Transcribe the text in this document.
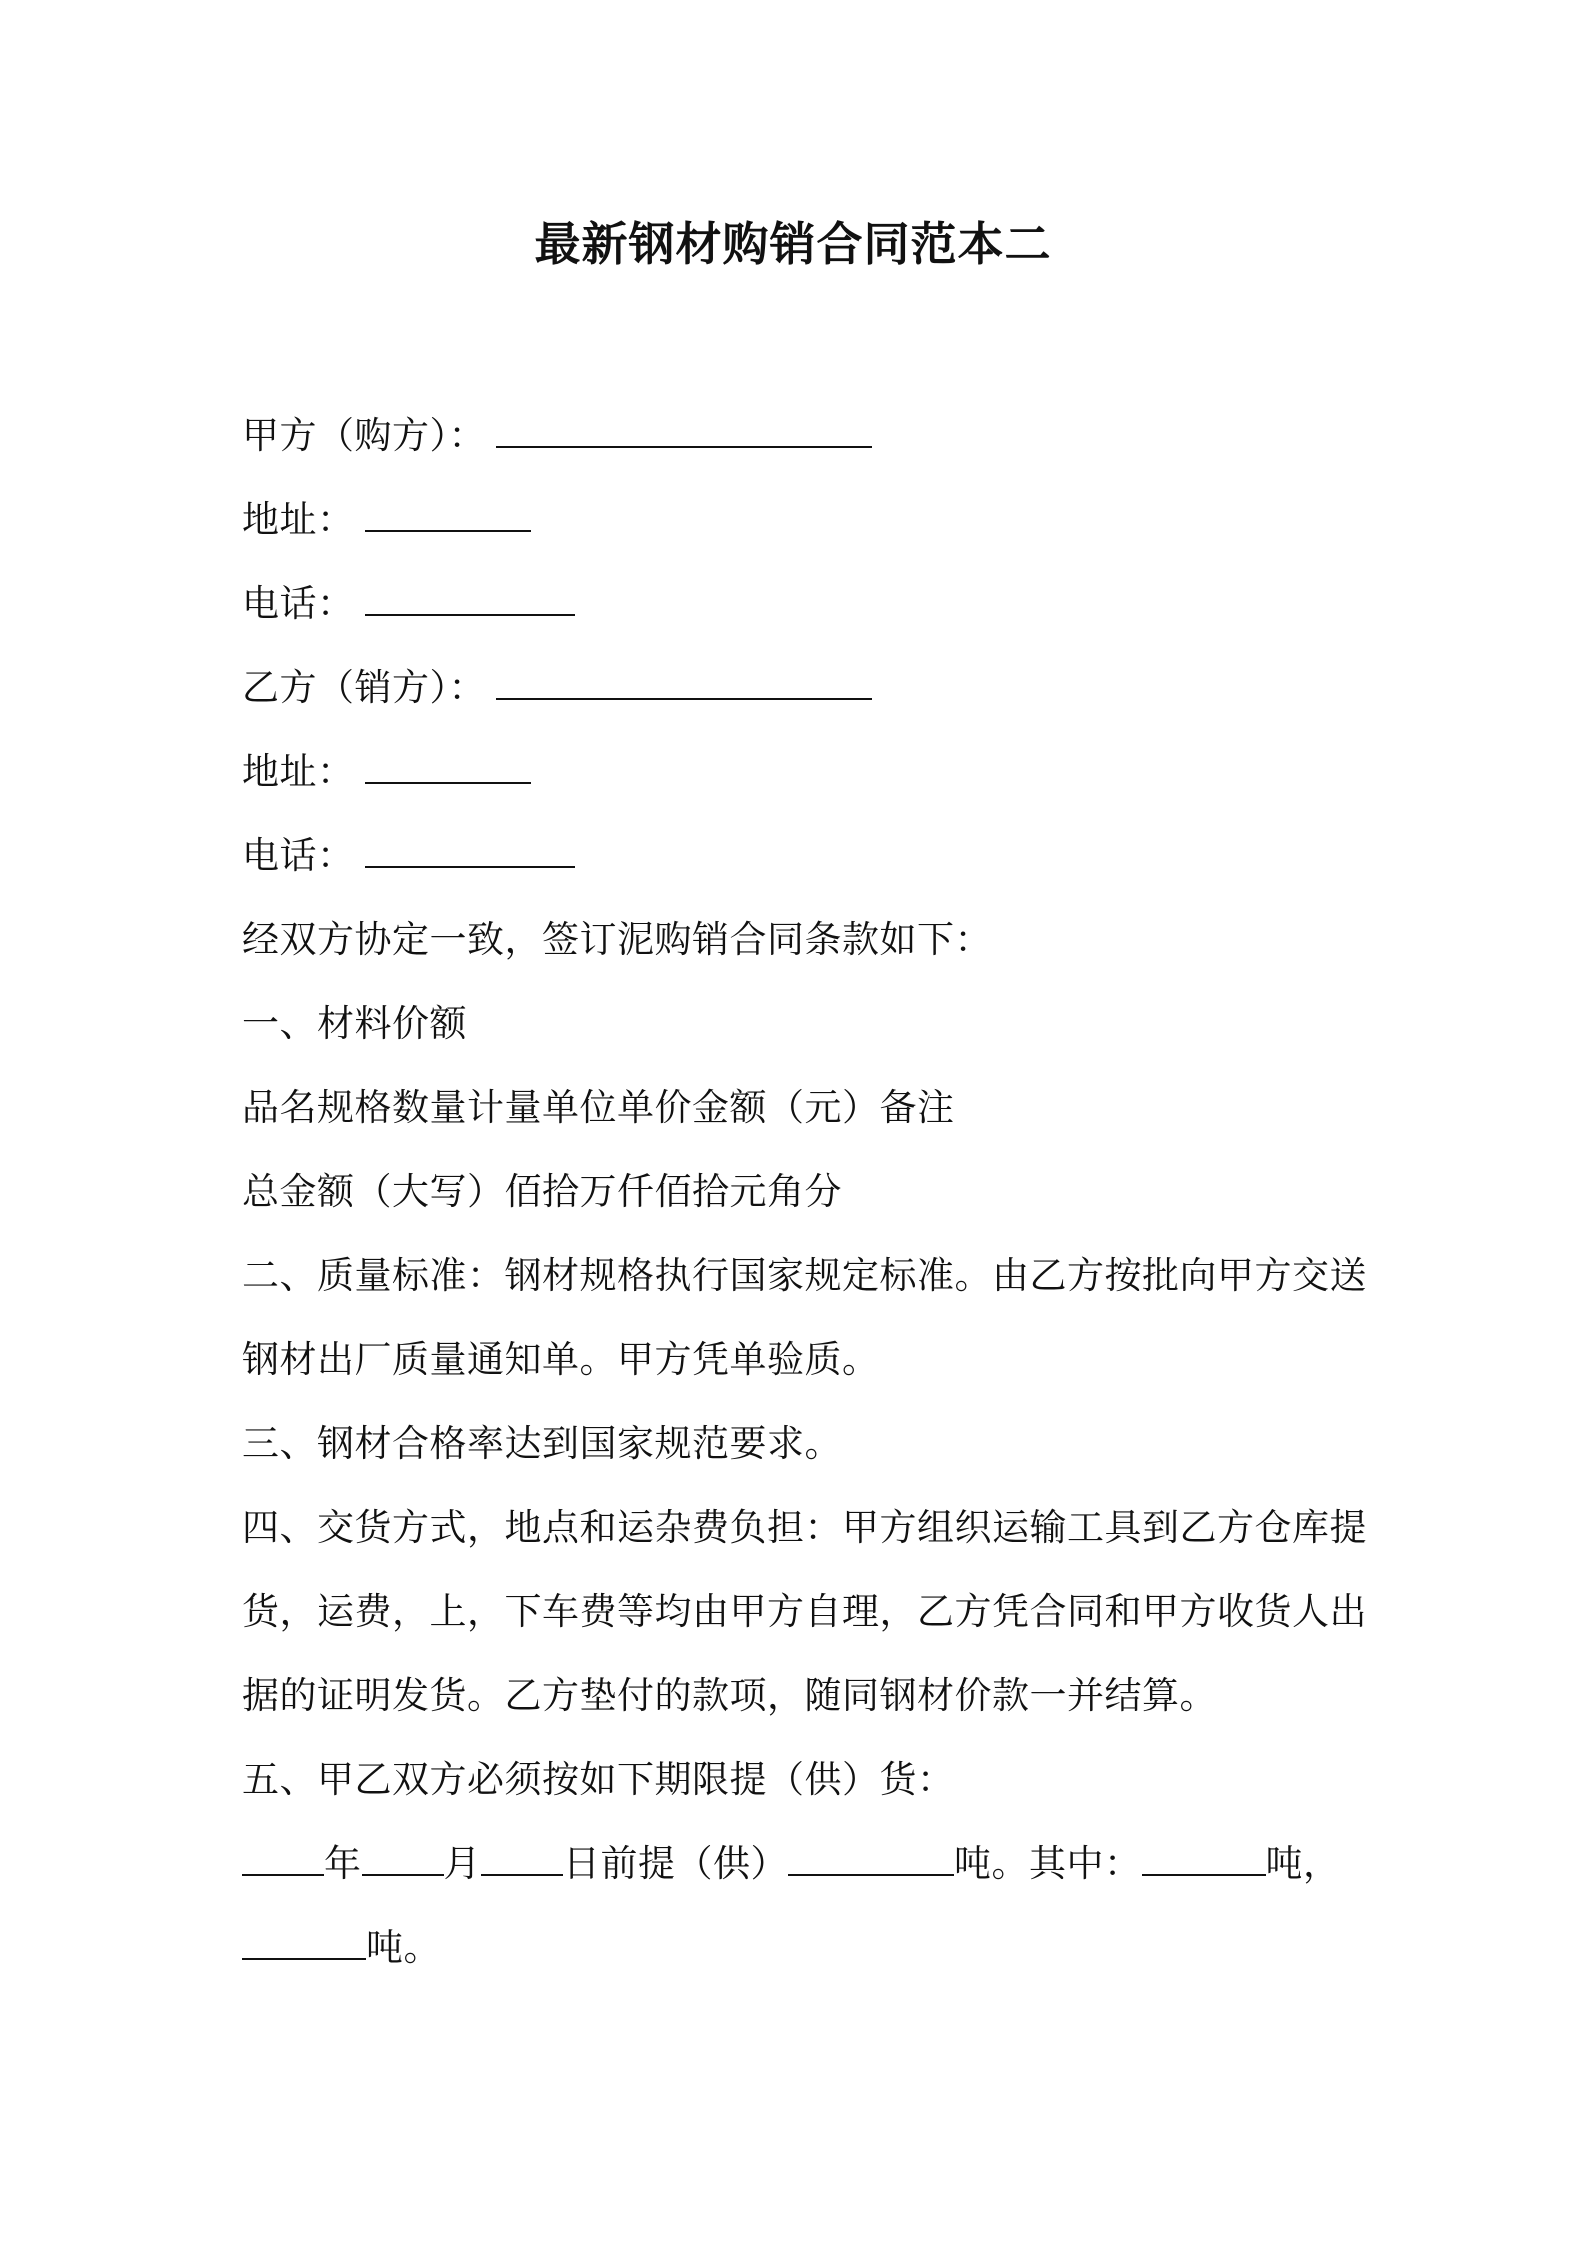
最新钢材购销合同范本二
甲方（购方）：
地址：
电话：
乙方（销方）：
地址：
电话：
经双方协定一致，签订泥购销合同条款如下：
一、材料价额
品名规格数量计量单位单价金额（元）备注
总金额（大写）佰拾万仟佰拾元角分
二、质量标准：钢材规格执行国家规定标准。由乙方按批向甲方交送
钢材出厂质量通知单。甲方凭单验质。
三、钢材合格率达到国家规范要求。
四、交货方式，地点和运杂费负担：甲方组织运输工具到乙方仓库提
货，运费，上，下车费等均由甲方自理，乙方凭合同和甲方收货人出
据的证明发货。乙方垫付的款项，随同钢材价款一并结算。
五、甲乙双方必须按如下期限提（供）货：
年 月 日前提（供）	吨。其中：	吨，
吨。
